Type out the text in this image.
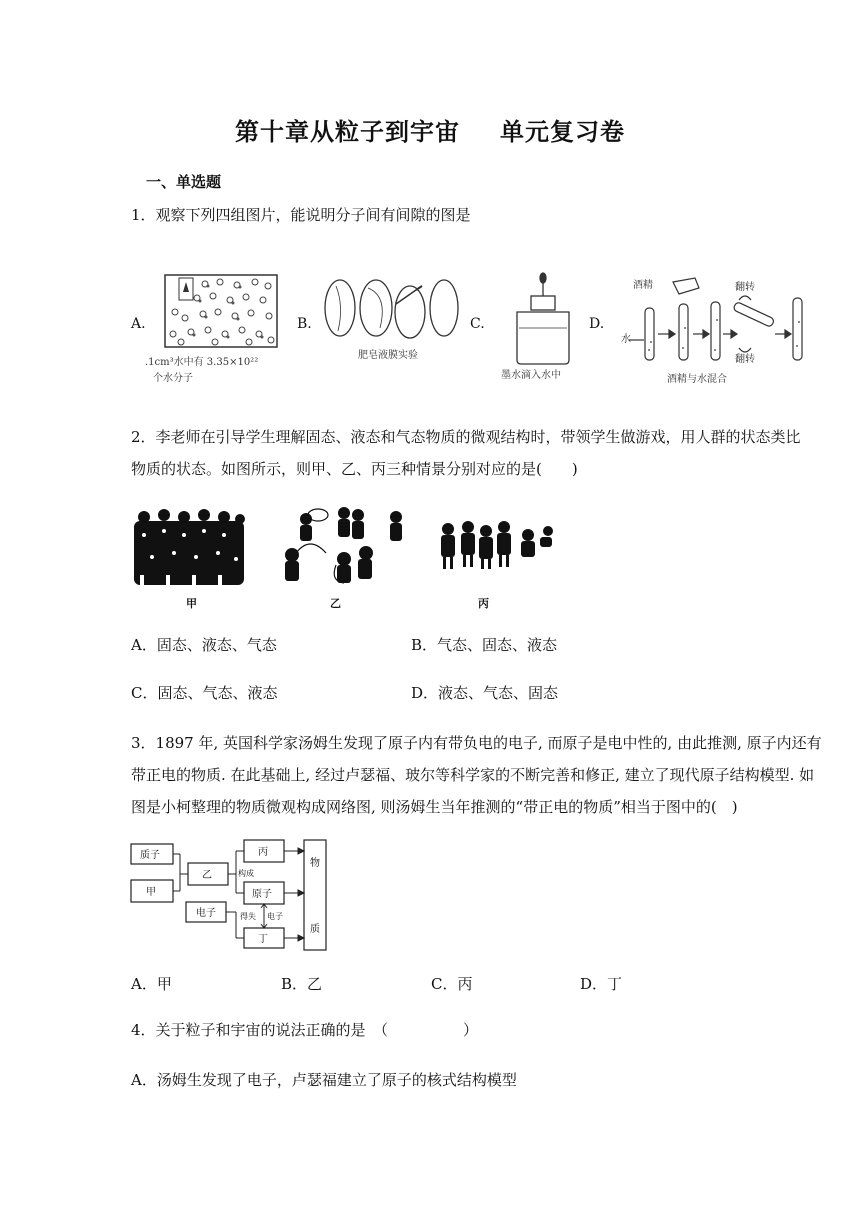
第十章从粒子到宇宙 单元复习卷
一、单选题
1．观察下列四组图片，能说明分子间有间隙的图是
A.	B.	C.	D.
.1cm³水中有 3.35×10²²
个水分子
肥皂液膜实验
墨水滴入水中
酒精	翻转
翻转
水
酒精与水混合
2．李老师在引导学生理解固态、液态和气态物质的微观结构时，带领学生做游戏，用人群的状态类比
物质的状态。如图所示，则甲、乙、丙三种情景分别对应的是(　　)
甲	乙	丙
A．固态、液态、气态	B．气态、固态、液态
C．固态、气态、液态	D．液态、气态、固态
3．1897 年, 英国科学家汤姆生发现了原子内有带负电的电子, 而原子是电中性的, 由此推测, 原子内还有
带正电的物质. 在此基础上, 经过卢瑟福、玻尔等科学家的不断完善和修正, 建立了现代原子结构模型. 如
图是小柯整理的物质微观构成网络图, 则汤姆生当年推测的“带正电的物质”相当于图中的(　)
质子
甲
乙
电子
丙
原子
丁
物
质
构成
得失 电子
A．甲	B．乙	C．丙	D．丁
4．关于粒子和宇宙的说法正确的是　（　　　　　）
A．汤姆生发现了电子，卢瑟福建立了原子的核式结构模型
